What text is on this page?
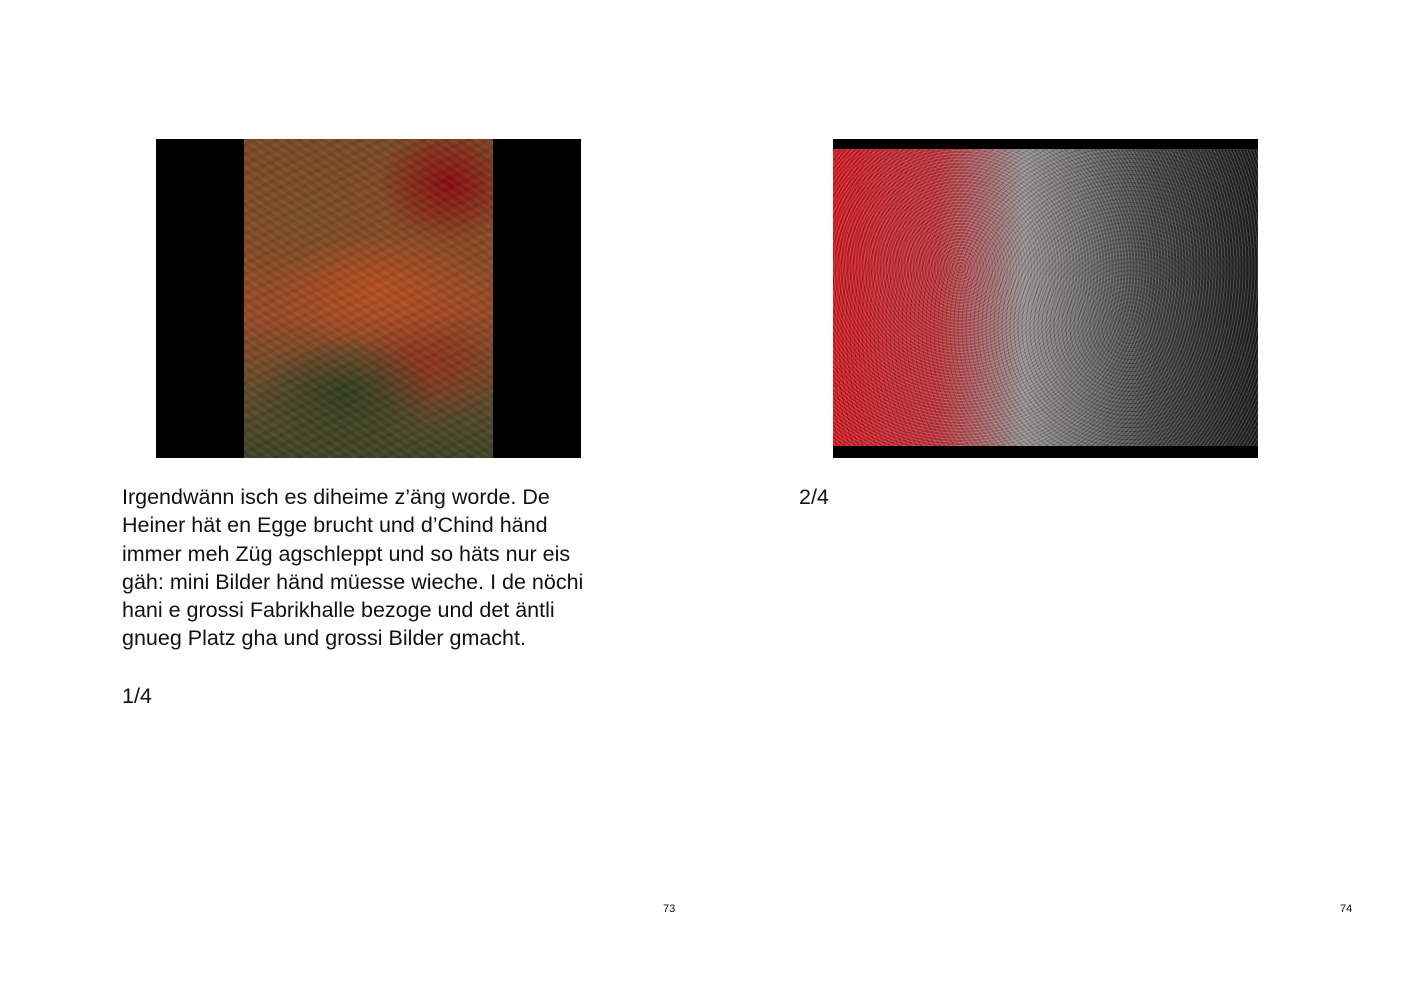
Irgendwänn isch es diheime z’äng worde. De
Heiner hät en Egge brucht und d’Chind händ
immer meh Züg agschleppt und so häts nur eis
gäh: mini Bilder händ müesse wieche. I de nöchi
hani e grossi Fabrikhalle bezoge und det äntli
gnueg Platz gha und grossi Bilder gmacht.

1/4

73

2/4

74
